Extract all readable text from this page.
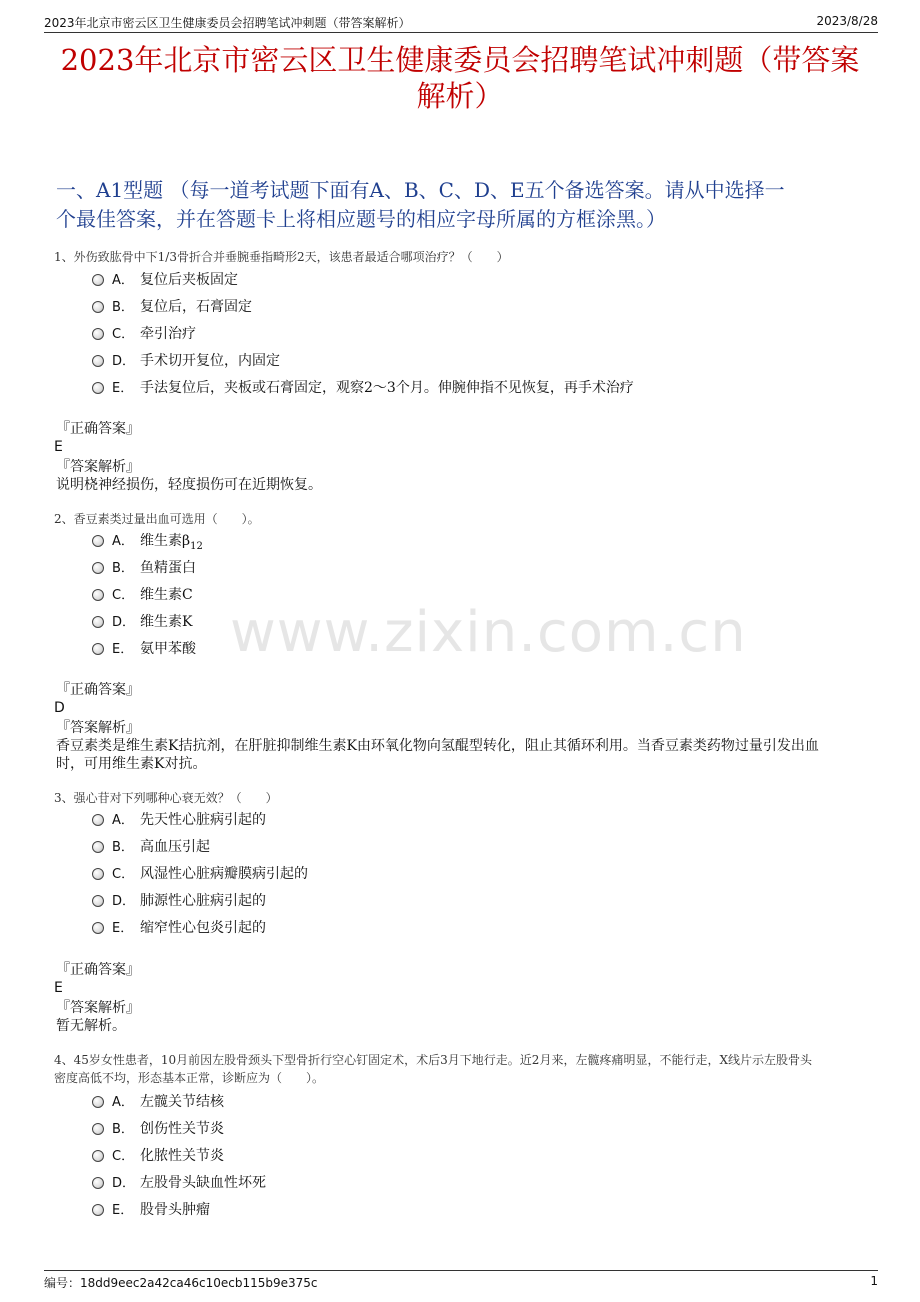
2023年北京市密云区卫生健康委员会招聘笔试冲刺题（带答案解析）	2023/8/28
2023年北京市密云区卫生健康委员会招聘笔试冲刺题（带答案
解析）
一、A1型题 （每一道考试题下面有A、B、C、D、E五个备选答案。请从中选择一
个最佳答案，并在答题卡上将相应题号的相应字母所属的方框涂黑。）
www.zixin.com.cn
1、外伤致肱骨中下1/3骨折合并垂腕垂指畸形2天，该患者最适合哪项治疗？（　　）
A． 复位后夹板固定
B． 复位后，石膏固定
C． 牵引治疗
D． 手术切开复位，内固定
E． 手法复位后，夹板或石膏固定，观察2～3个月。伸腕伸指不见恢复，再手术治疗
『正确答案』
E
『答案解析』
说明桡神经损伤，轻度损伤可在近期恢复。
2、香豆素类过量出血可选用（　　）。
A． 维生素$\beta_{12}$
B． 鱼精蛋白
C． 维生素C
D． 维生素K
E． 氨甲苯酸
『正确答案』
D
『答案解析』
香豆素类是维生素K拮抗剂，在肝脏抑制维生素K由环氧化物向氢醌型转化，阻止其循环利用。当香豆素类药物过量引发出血
时，可用维生素K对抗。
3、强心苷对下列哪种心衰无效？（　　）
A． 先天性心脏病引起的
B． 高血压引起
C． 风湿性心脏病瓣膜病引起的
D． 肺源性心脏病引起的
E． 缩窄性心包炎引起的
『正确答案』
E
『答案解析』
暂无解析。
4、45岁女性患者，10月前因左股骨颈头下型骨折行空心钉固定术，术后3月下地行走。近2月来，左髋疼痛明显，不能行走，X线片示左股骨头
密度高低不均，形态基本正常，诊断应为（　　）。
A． 左髋关节结核
B． 创伤性关节炎
C． 化脓性关节炎
D． 左股骨头缺血性坏死
E． 股骨头肿瘤
编号：18dd9eec2a42ca46c10ecb115b9e375c	1
